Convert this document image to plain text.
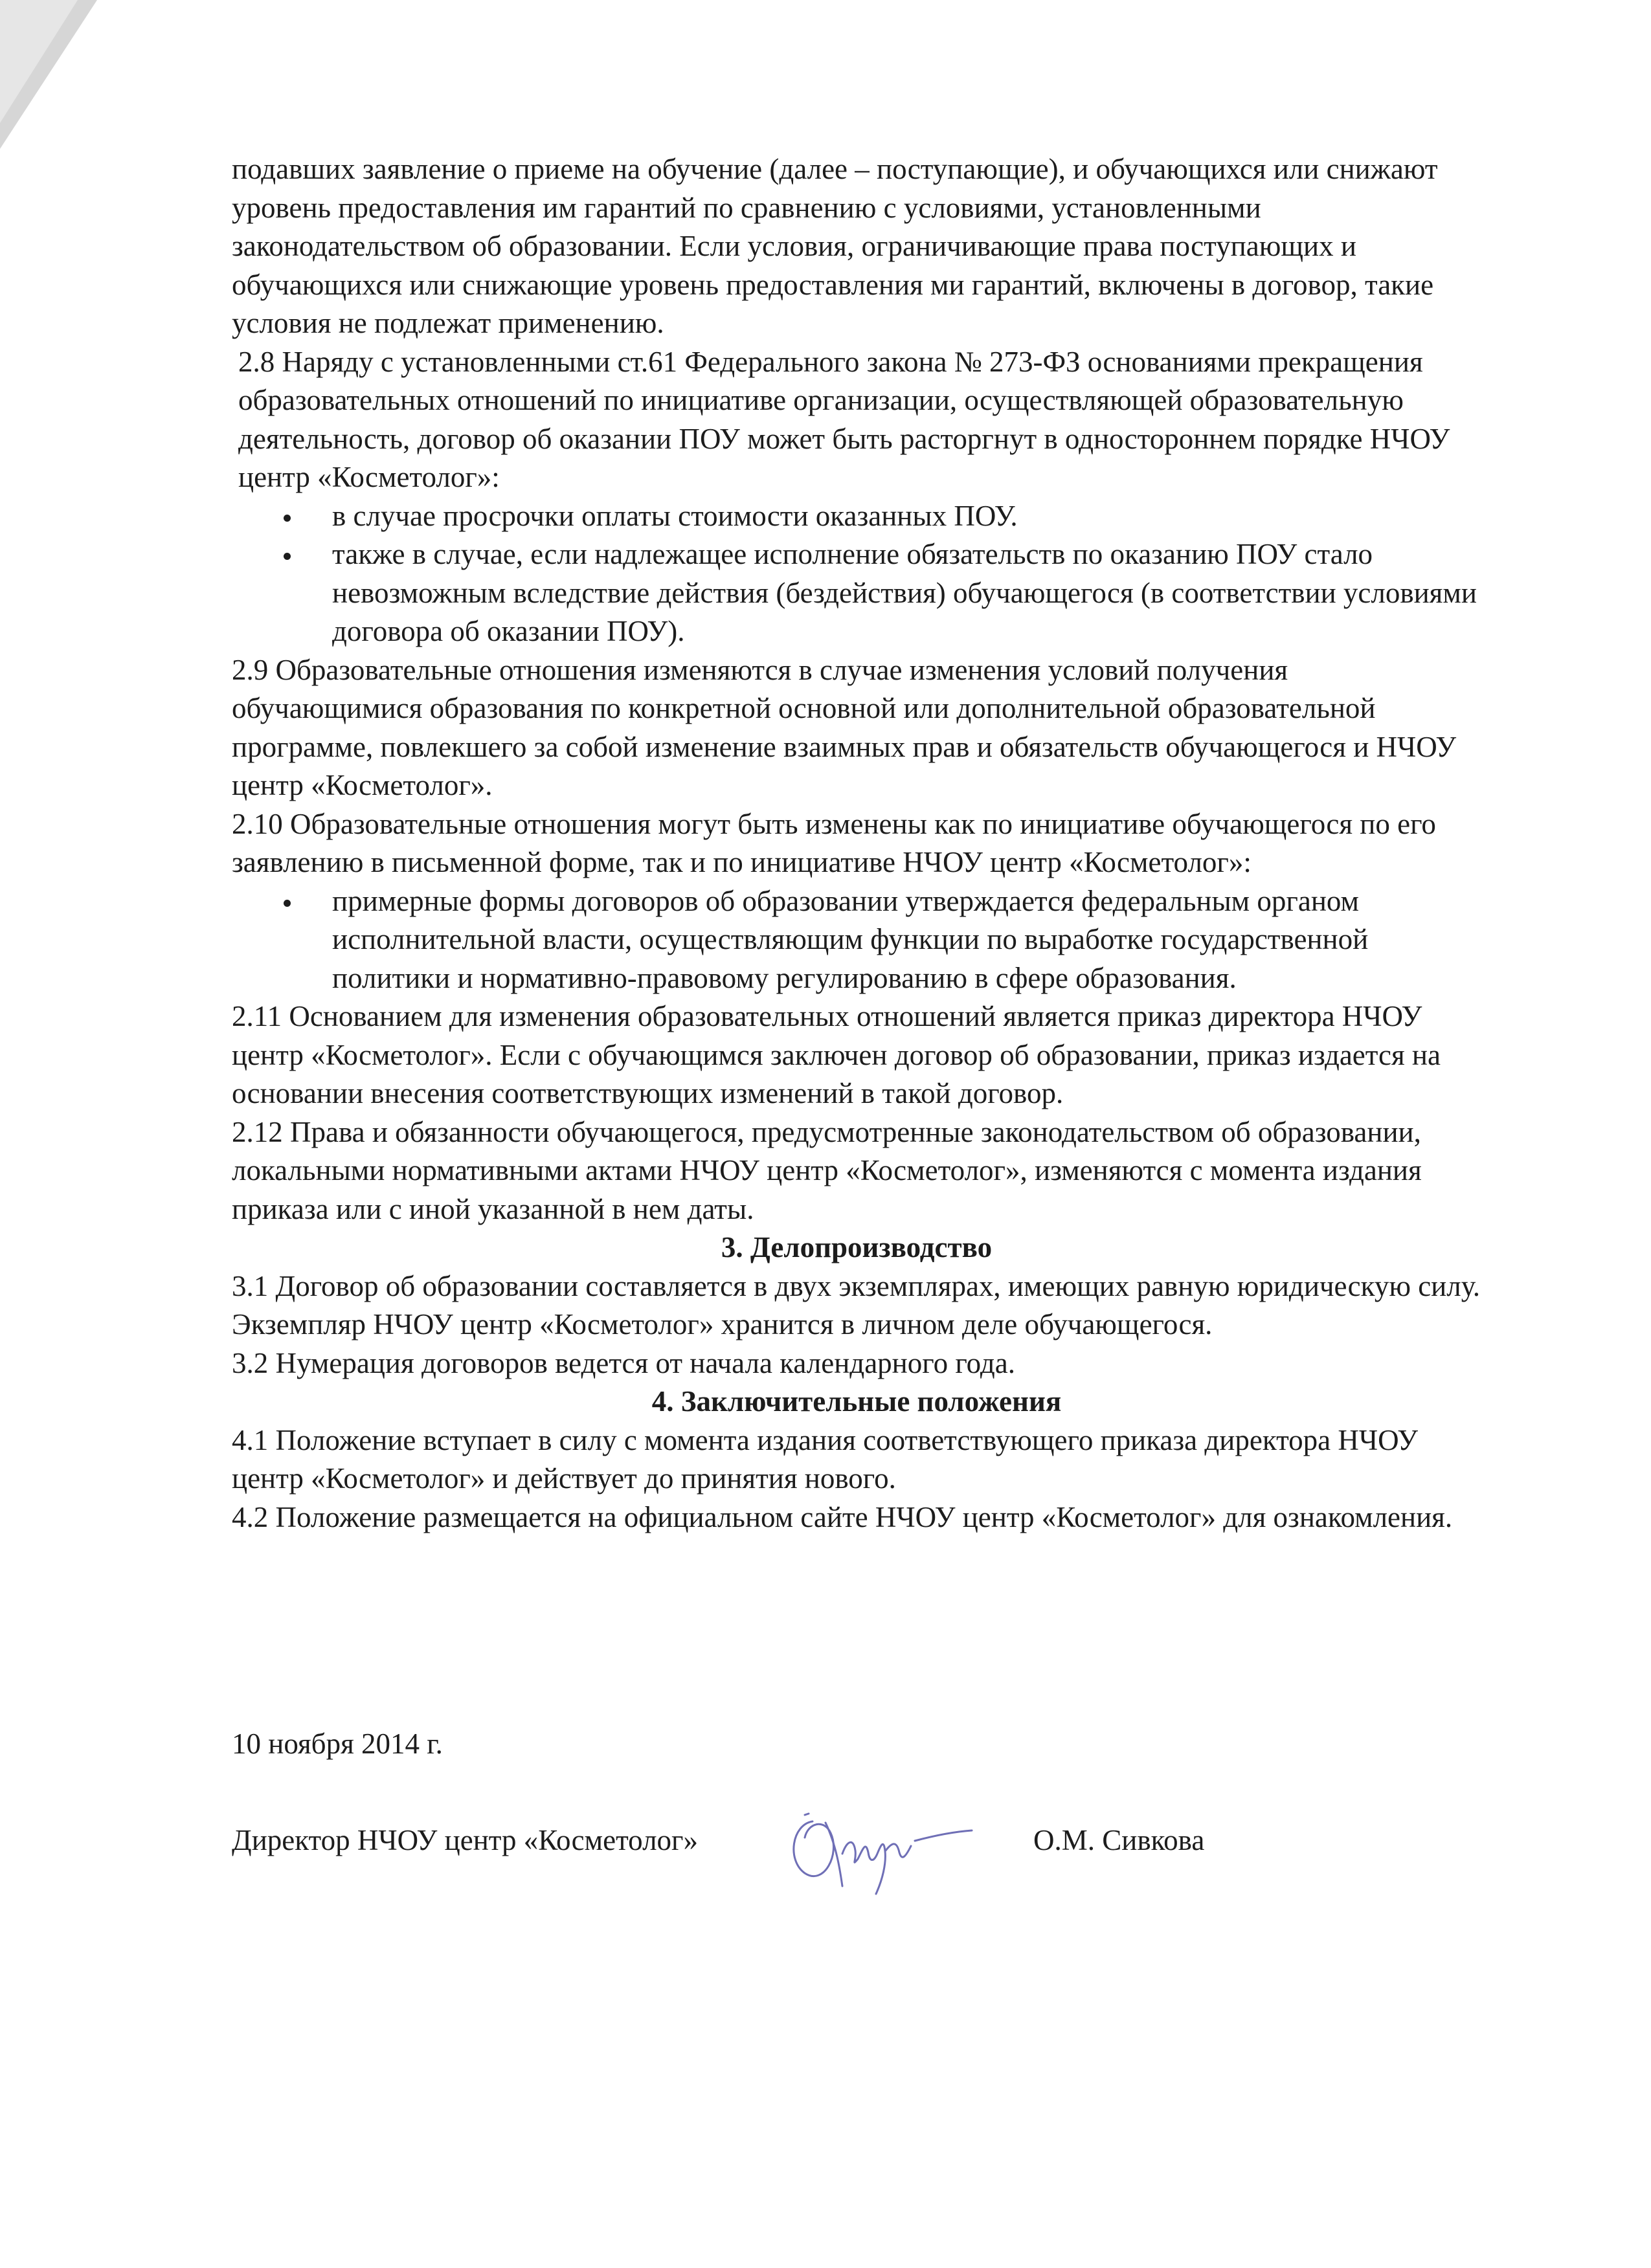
подавших заявление о приеме на обучение (далее – поступающие), и обучающихся или снижают уровень предоставления им гарантий по сравнению с условиями, установленными законодательством об образовании. Если условия, ограничивающие права поступающих и обучающихся или снижающие уровень предоставления ми гарантий, включены в договор, такие условия не подлежат применению.

2.8 Наряду с установленными ст.61 Федерального закона № 273-ФЗ основаниями прекращения образовательных отношений по инициативе организации, осуществляющей образовательную деятельность, договор об оказании ПОУ может быть расторгнут в одностороннем порядке НЧОУ центр «Косметолог»:

в случае просрочки оплаты стоимости оказанных ПОУ.
также в случае, если надлежащее исполнение обязательств по оказанию ПОУ стало невозможным вследствие действия (бездействия) обучающегося (в соответствии условиями договора об оказании ПОУ).

2.9 Образовательные отношения изменяются в случае изменения условий получения обучающимися образования по конкретной основной или дополнительной образовательной программе, повлекшего за собой изменение взаимных прав и обязательств обучающегося и НЧОУ центр «Косметолог».

2.10 Образовательные отношения могут быть изменены как по инициативе обучающегося по его заявлению в письменной форме, так и по инициативе НЧОУ центр «Косметолог»:

примерные формы договоров об образовании утверждается федеральным органом исполнительной власти, осуществляющим функции по выработке государственной политики и нормативно-правовому регулированию в сфере образования.

2.11 Основанием для изменения образовательных отношений является приказ директора НЧОУ центр «Косметолог». Если с обучающимся заключен договор об образовании, приказ издается на основании внесения соответствующих изменений в такой договор.

2.12 Права и обязанности обучающегося, предусмотренные законодательством об образовании, локальными нормативными актами НЧОУ центр «Косметолог», изменяются с момента издания приказа или с иной указанной в нем даты.

3. Делопроизводство

3.1 Договор об образовании составляется в двух экземплярах, имеющих равную юридическую силу. Экземпляр НЧОУ центр «Косметолог» хранится в личном деле обучающегося.

3.2 Нумерация договоров ведется от начала календарного года.

4. Заключительные положения

4.1 Положение вступает в силу с момента издания соответствующего приказа директора НЧОУ центр «Косметолог» и действует до принятия нового.

4.2 Положение размещается на официальном сайте НЧОУ центр «Косметолог» для ознакомления.

10 ноября 2014 г.

Директор НЧОУ центр «Косметолог»	О.М. Сивкова
